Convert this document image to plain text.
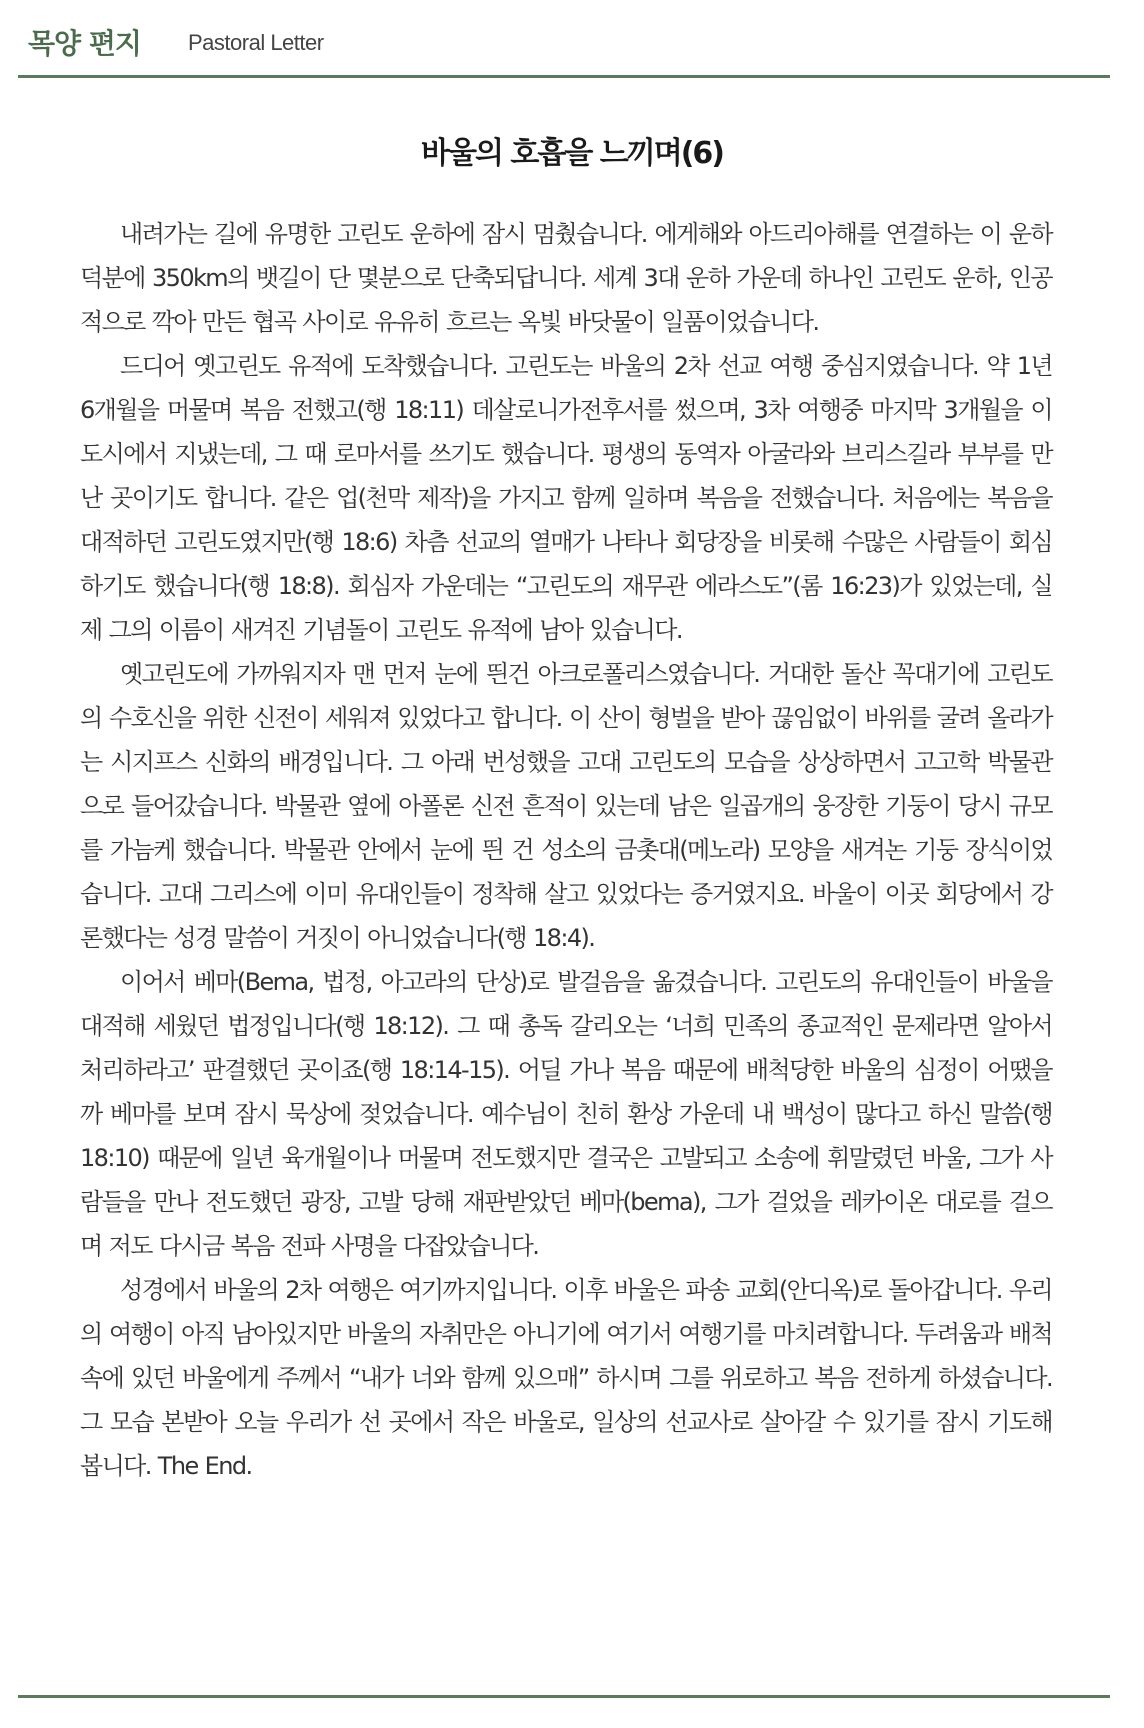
목양 편지 Pastoral Letter
바울의 호흡을 느끼며(6)

내려가는 길에 유명한 고린도 운하에 잠시 멈췄습니다. 에게해와 아드리아해를 연결하는 이 운하 덕분에 350km의 뱃길이 단 몇분으로 단축되답니다. 세계 3대 운하 가운데 하나인 고린도 운하, 인공적으로 깍아 만든 협곡 사이로 유유히 흐르는 옥빛 바닷물이 일품이었습니다.

드디어 옛고린도 유적에 도착했습니다. 고린도는 바울의 2차 선교 여행 중심지였습니다. 약 1년 6개월을 머물며 복음 전했고(행 18:11) 데살로니가전후서를 썼으며, 3차 여행중 마지막 3개월을 이 도시에서 지냈는데, 그 때 로마서를 쓰기도 했습니다. 평생의 동역자 아굴라와 브리스길라 부부를 만난 곳이기도 합니다. 같은 업(천막 제작)을 가지고 함께 일하며 복음을 전했습니다. 처음에는 복음을 대적하던 고린도였지만(행 18:6) 차츰 선교의 열매가 나타나 회당장을 비롯해 수많은 사람들이 회심하기도 했습니다(행 18:8). 회심자 가운데는 “고린도의 재무관 에라스도”(롬 16:23)가 있었는데, 실제 그의 이름이 새겨진 기념돌이 고린도 유적에 남아 있습니다.

옛고린도에 가까워지자 맨 먼저 눈에 띈건 아크로폴리스였습니다. 거대한 돌산 꼭대기에 고린도의 수호신을 위한 신전이 세워져 있었다고 합니다. 이 산이 형벌을 받아 끊임없이 바위를 굴려 올라가는 시지프스 신화의 배경입니다. 그 아래 번성했을 고대 고린도의 모습을 상상하면서 고고학 박물관으로 들어갔습니다. 박물관 옆에 아폴론 신전 흔적이 있는데 남은 일곱개의 웅장한 기둥이 당시 규모를 가늠케 했습니다. 박물관 안에서 눈에 띈 건 성소의 금촛대(메노라) 모양을 새겨논 기둥 장식이었습니다. 고대 그리스에 이미 유대인들이 정착해 살고 있었다는 증거였지요. 바울이 이곳 회당에서 강론했다는 성경 말씀이 거짓이 아니었습니다(행 18:4).

이어서 베마(Bema, 법정, 아고라의 단상)로 발걸음을 옮겼습니다. 고린도의 유대인들이 바울을 대적해 세웠던 법정입니다(행 18:12). 그 때 총독 갈리오는 ‘너희 민족의 종교적인 문제라면 알아서 처리하라고’ 판결했던 곳이죠(행 18:14-15). 어딜 가나 복음 때문에 배척당한 바울의 심정이 어땠을까 베마를 보며 잠시 묵상에 젖었습니다. 예수님이 친히 환상 가운데 내 백성이 많다고 하신 말씀(행 18:10) 때문에 일년 육개월이나 머물며 전도했지만 결국은 고발되고 소송에 휘말렸던 바울, 그가 사람들을 만나 전도했던 광장, 고발 당해 재판받았던 베마(bema), 그가 걸었을 레카이온 대로를 걸으며 저도 다시금 복음 전파 사명을 다잡았습니다.

성경에서 바울의 2차 여행은 여기까지입니다. 이후 바울은 파송 교회(안디옥)로 돌아갑니다. 우리의 여행이 아직 남아있지만 바울의 자취만은 아니기에 여기서 여행기를 마치려합니다. 두려움과 배척 속에 있던 바울에게 주께서 “내가 너와 함께 있으매” 하시며 그를 위로하고 복음 전하게 하셨습니다. 그 모습 본받아 오늘 우리가 선 곳에서 작은 바울로, 일상의 선교사로 살아갈 수 있기를 잠시 기도해봅니다. The End.
